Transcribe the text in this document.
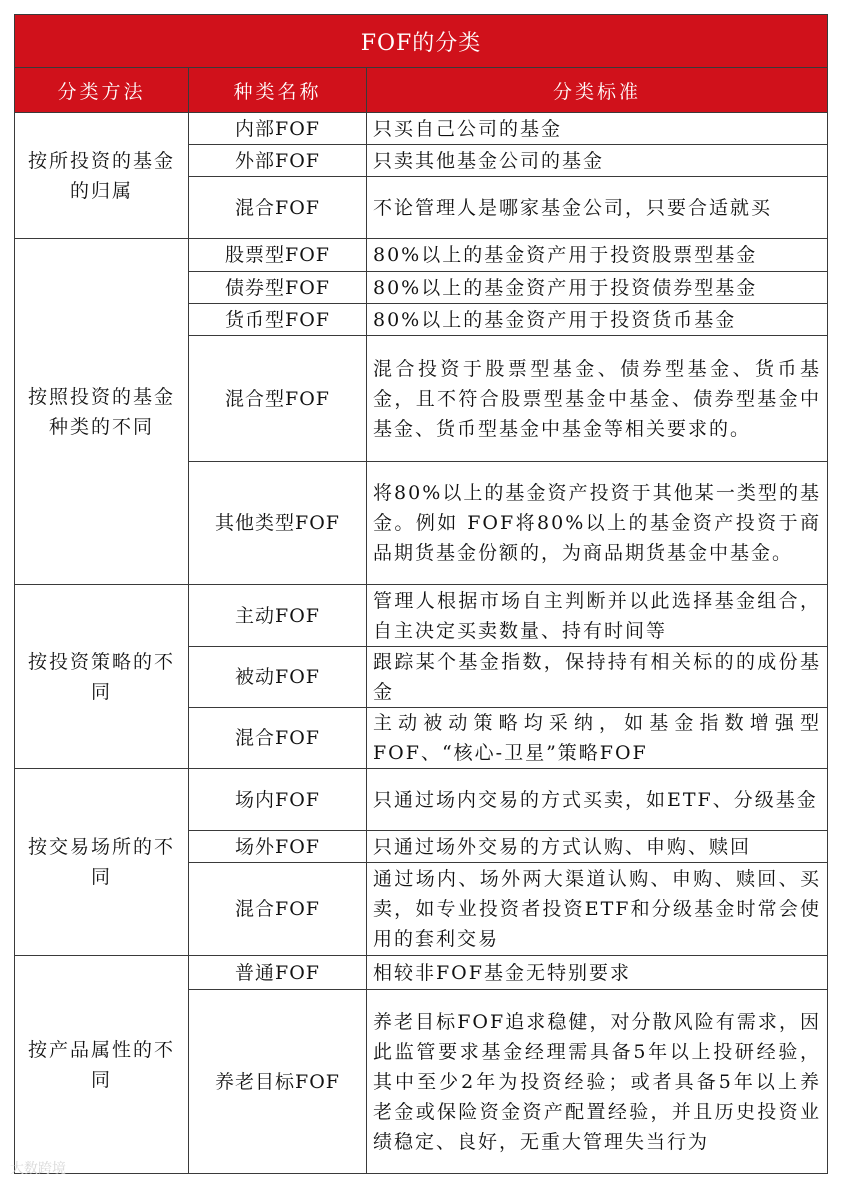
FOF的分类		
分类方法	种类名称	分类标准
按所投资的基金的归属	内部FOF	只买自己公司的基金
	外部FOF	只卖其他基金公司的基金
	混合FOF	不论管理人是哪家基金公司，只要合适就买
按照投资的基金种类的不同	股票型FOF	80%以上的基金资产用于投资股票型基金
	债券型FOF	80%以上的基金资产用于投资债券型基金
	货币型FOF	80%以上的基金资产用于投资货币基金
	混合型FOF	混合投资于股票型基金、债券型基金、货币基金，且不符合股票型基金中基金、债券型基金中基金、货币型基金中基金等相关要求的。
	其他类型FOF	将80%以上的基金资产投资于其他某一类型的基金。例如 FOF将80%以上的基金资产投资于商品期货基金份额的，为商品期货基金中基金。
按投资策略的不同	主动FOF	管理人根据市场自主判断并以此选择基金组合，自主决定买卖数量、持有时间等
	被动FOF	跟踪某个基金指数，保持持有相关标的的成份基金
	混合FOF	主动被动策略均采纳，如基金指数增强型FOF、“核心-卫星”策略FOF
按交易场所的不同	场内FOF	只通过场内交易的方式买卖，如ETF、分级基金
	场外FOF	只通过场外交易的方式认购、申购、赎回
	混合FOF	通过场内、场外两大渠道认购、申购、赎回、买卖，如专业投资者投资ETF和分级基金时常会使用的套利交易
按产品属性的不同	普通FOF	相较非FOF基金无特别要求
	养老目标FOF	养老目标FOF追求稳健，对分散风险有需求，因此监管要求基金经理需具备5年以上投研经验，其中至少2年为投资经验；或者具备5年以上养老金或保险资金资产配置经验，并且历史投资业绩稳定、良好，无重大管理失当行为
大数跨境
